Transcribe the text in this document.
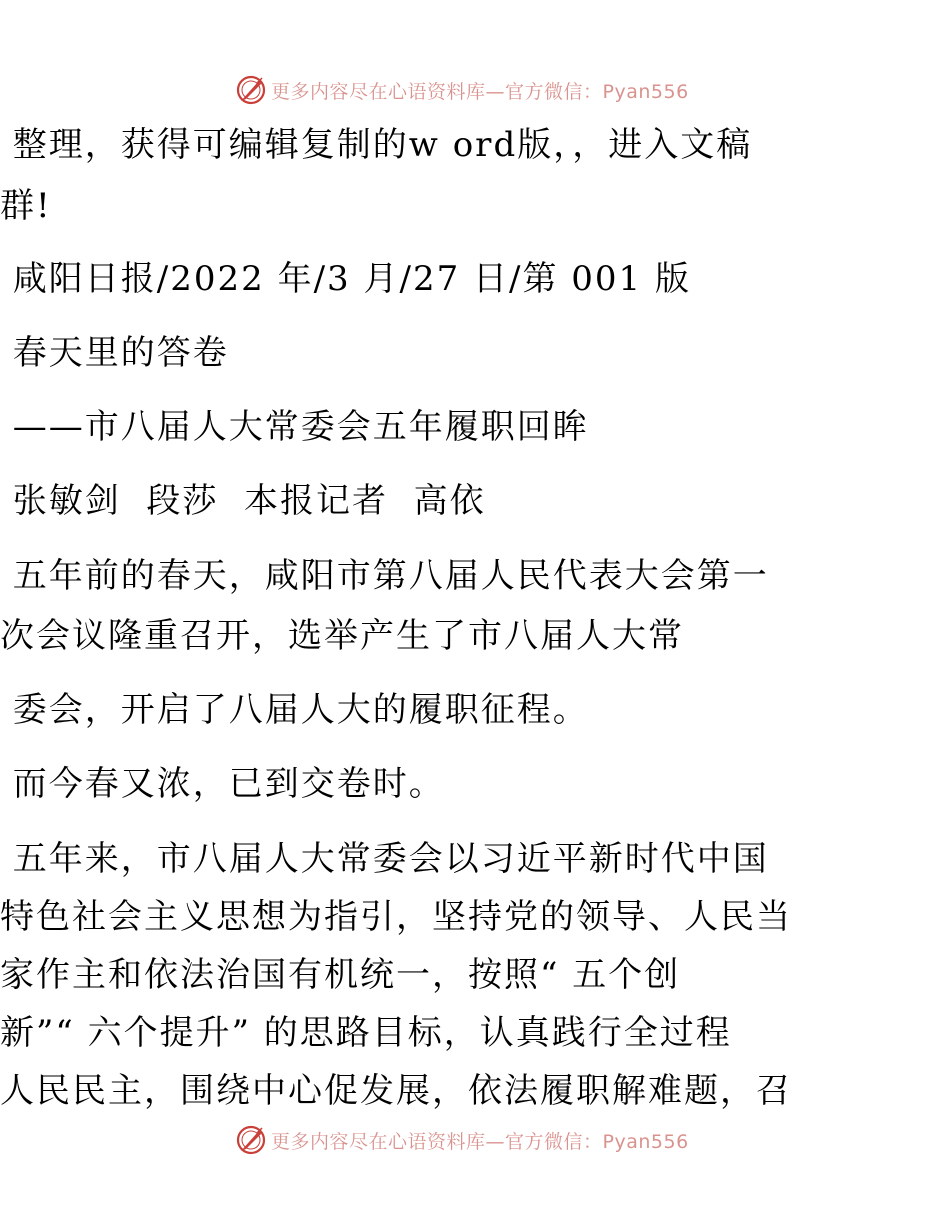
更多内容尽在心语资料库—官方微信：Pyan556
整理，获得可编辑复制的w ord版，，进入文稿
群!
咸阳日报/2022 年/3 月/27 日/第 001 版
春天里的答卷
——市八届人大常委会五年履职回眸
张敏剑  段莎  本报记者  高依
五年前的春天，咸阳市第八届人民代表大会第一
次会议隆重召开，选举产生了市八届人大常
委会，开启了八届人大的履职征程。
而今春又浓，已到交卷时。
五年来，市八届人大常委会以习近平新时代中国
特色社会主义思想为指引，坚持党的领导、人民当
家作主和依法治国有机统一，按照“ 五个创
新”“ 六个提升” 的思路目标，认真践行全过程
人民民主，围绕中心促发展，依法履职解难题，召
更多内容尽在心语资料库—官方微信：Pyan556
